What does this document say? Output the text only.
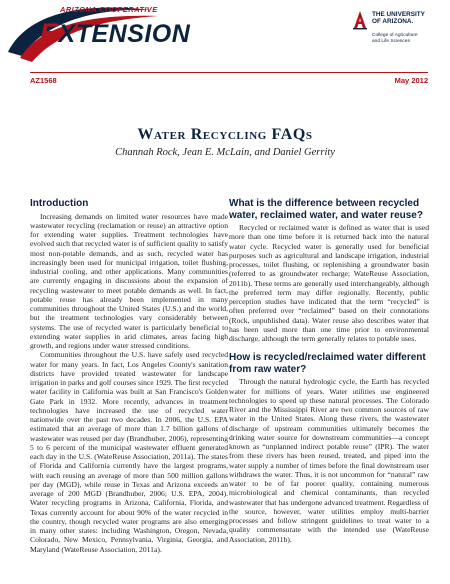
ARIZONA COOPERATIVE
EXTENSION
THE UNIVERSITY
OF ARIZONA.
College of Agriculture
and Life Sciences
AZ1568	May 2012
Water Recycling FAQs
Channah Rock, Jean E. McLain, and Daniel Gerrity
Introduction

Increasing demands on limited water resources have made wastewater recycling (reclamation or reuse) an attractive option for extending water supplies. Treatment technologies have evolved such that recycled water is of sufficient quality to satisfy most non-potable demands, and as such, recycled water has increasingly been used for municipal irrigation, toilet flushing, industrial cooling, and other applications. Many communities are currently engaging in discussions about the expansion of recycling wastewater to meet potable demands as well. In fact, potable reuse has already been implemented in many communities throughout the United States (U.S.) and the world, but the treatment technologies vary considerably between systems. The use of recycled water is particularly beneficial to extending water supplies in arid climates, areas facing high growth, and regions under water stressed conditions.

Communities throughout the U.S. have safely used recycled water for many years. In fact, Los Angeles County's sanitation districts have provided treated wastewater for landscape irrigation in parks and golf courses since 1929. The first recycled water facility in California was built at San Francisco's Golden Gate Park in 1932. More recently, advances in treatment technologies have increased the use of recycled water nationwide over the past two decades. In 2006, the U.S. EPA estimated that an average of more than 1.7 billion gallons of wastewater was reused per day (Brandhuber, 2006), representing 5 to 6 percent of the municipal wastewater effluent generated each day in the U.S. (WateReuse Association, 2011a). The states of Florida and California currently have the largest programs, with each reusing an average of more than 500 million gallons per day (MGD), while reuse in Texas and Arizona exceeds an average of 200 MGD (Brandhuber, 2006; U.S. EPA, 2004). Water recycling programs in Arizona, California, Florida, and Texas currently account for about 90% of the water recycled in the country, though recycled water programs are also emerging in many other states: including Washington, Oregon, Nevada, Colorado, New Mexico, Pennsylvania, Virginia, Georgia, and Maryland (WateReuse Association, 2011a).

What is the difference between recycled water, reclaimed water, and water reuse?

Recycled or reclaimed water is defined as water that is used more than one time before it is returned back into the natural water cycle. Recycled water is generally used for beneficial purposes such as agricultural and landscape irrigation, industrial processes, toilet flushing, or replenishing a groundwater basin (referred to as groundwater recharge; WateReuse Association, 2011b). These terms are generally used interchangeably, although the preferred term may differ regionally. Recently, public perception studies have indicated that the term “recycled” is often preferred over “reclaimed” based on their connotations (Rock, unpublished data). Water reuse also describes water that has been used more than one time prior to environmental discharge, although the term generally relates to potable uses.

How is recycled/reclaimed water different from raw water?

Through the natural hydrologic cycle, the Earth has recycled water for millions of years. Water utilities use engineered technologies to speed up these natural processes. The Colorado River and the Mississippi River are two common sources of raw water in the United States. Along these rivers, the wastewater discharge of upstream communities ultimately becomes the drinking water source for downstream communities—a concept known as “unplanned indirect potable reuse” (IPR). The water from these rivers has been reused, treated, and piped into the water supply a number of times before the final downstream user withdraws the water. Thus, it is not uncommon for “natural” raw water to be of far poorer quality, containing numerous microbiological and chemical contaminants, than recycled wastewater that has undergone advanced treatment. Regardless of the source, however, water utilities employ multi-barrier processes and follow stringent guidelines to treat water to a quality commensurate with the intended use (WateReuse Association, 2011b).
